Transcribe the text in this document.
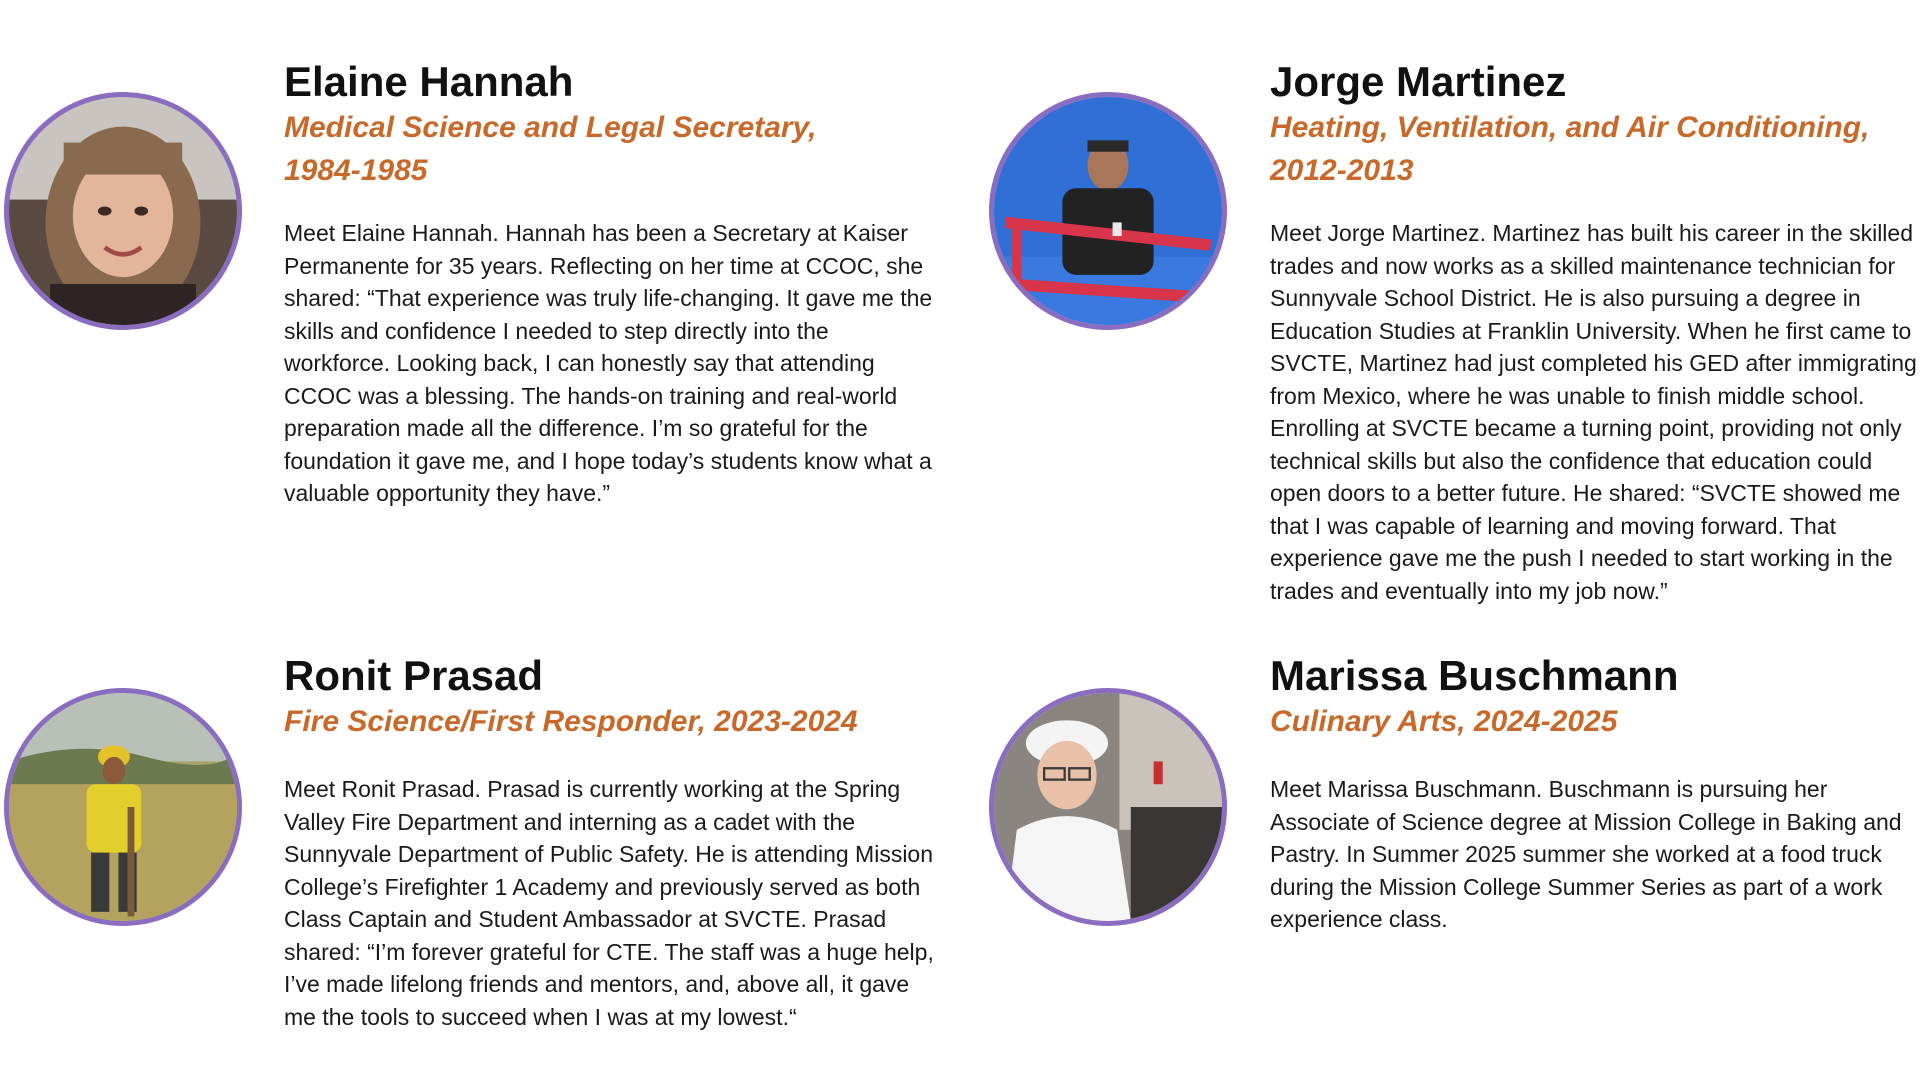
Elaine Hannah

Medical Science and Legal Secretary,
1984-1985

Meet Elaine Hannah. Hannah has been a Secretary at Kaiser Permanente for 35 years. Reflecting on her time at CCOC, she shared: “That experience was truly life-changing. It gave me the skills and confidence I needed to step directly into the workforce. Looking back, I can honestly say that attending CCOC was a blessing. The hands-on training and real-world preparation made all the difference. I’m so grateful for the foundation it gave me, and I hope today’s students know what a valuable opportunity they have.”

Jorge Martinez

Heating, Ventilation, and Air Conditioning,
2012-2013

Meet Jorge Martinez. Martinez has built his career in the skilled trades and now works as a skilled maintenance technician for Sunnyvale School District. He is also pursuing a degree in Education Studies at Franklin University. When he first came to SVCTE, Martinez had just completed his GED after immigrating from Mexico, where he was unable to finish middle school. Enrolling at SVCTE became a turning point, providing not only technical skills but also the confidence that education could open doors to a better future. He shared: “SVCTE showed me that I was capable of learning and moving forward. That experience gave me the push I needed to start working in the trades and eventually into my job now.”

Ronit Prasad

Fire Science/First Responder, 2023-2024

Meet Ronit Prasad. Prasad is currently working at the Spring Valley Fire Department and interning as a cadet with the Sunnyvale Department of Public Safety. He is attending Mission College’s Firefighter 1 Academy and previously served as both Class Captain and Student Ambassador at SVCTE. Prasad shared: “I’m forever grateful for CTE. The staff was a huge help, I’ve made lifelong friends and mentors, and, above all, it gave me the tools to succeed when I was at my lowest.“

Marissa Buschmann

Culinary Arts, 2024-2025

Meet Marissa Buschmann. Buschmann is pursuing her Associate of Science degree at Mission College in Baking and Pastry. In Summer 2025 summer she worked at a food truck during the Mission College Summer Series as part of a work experience class.
